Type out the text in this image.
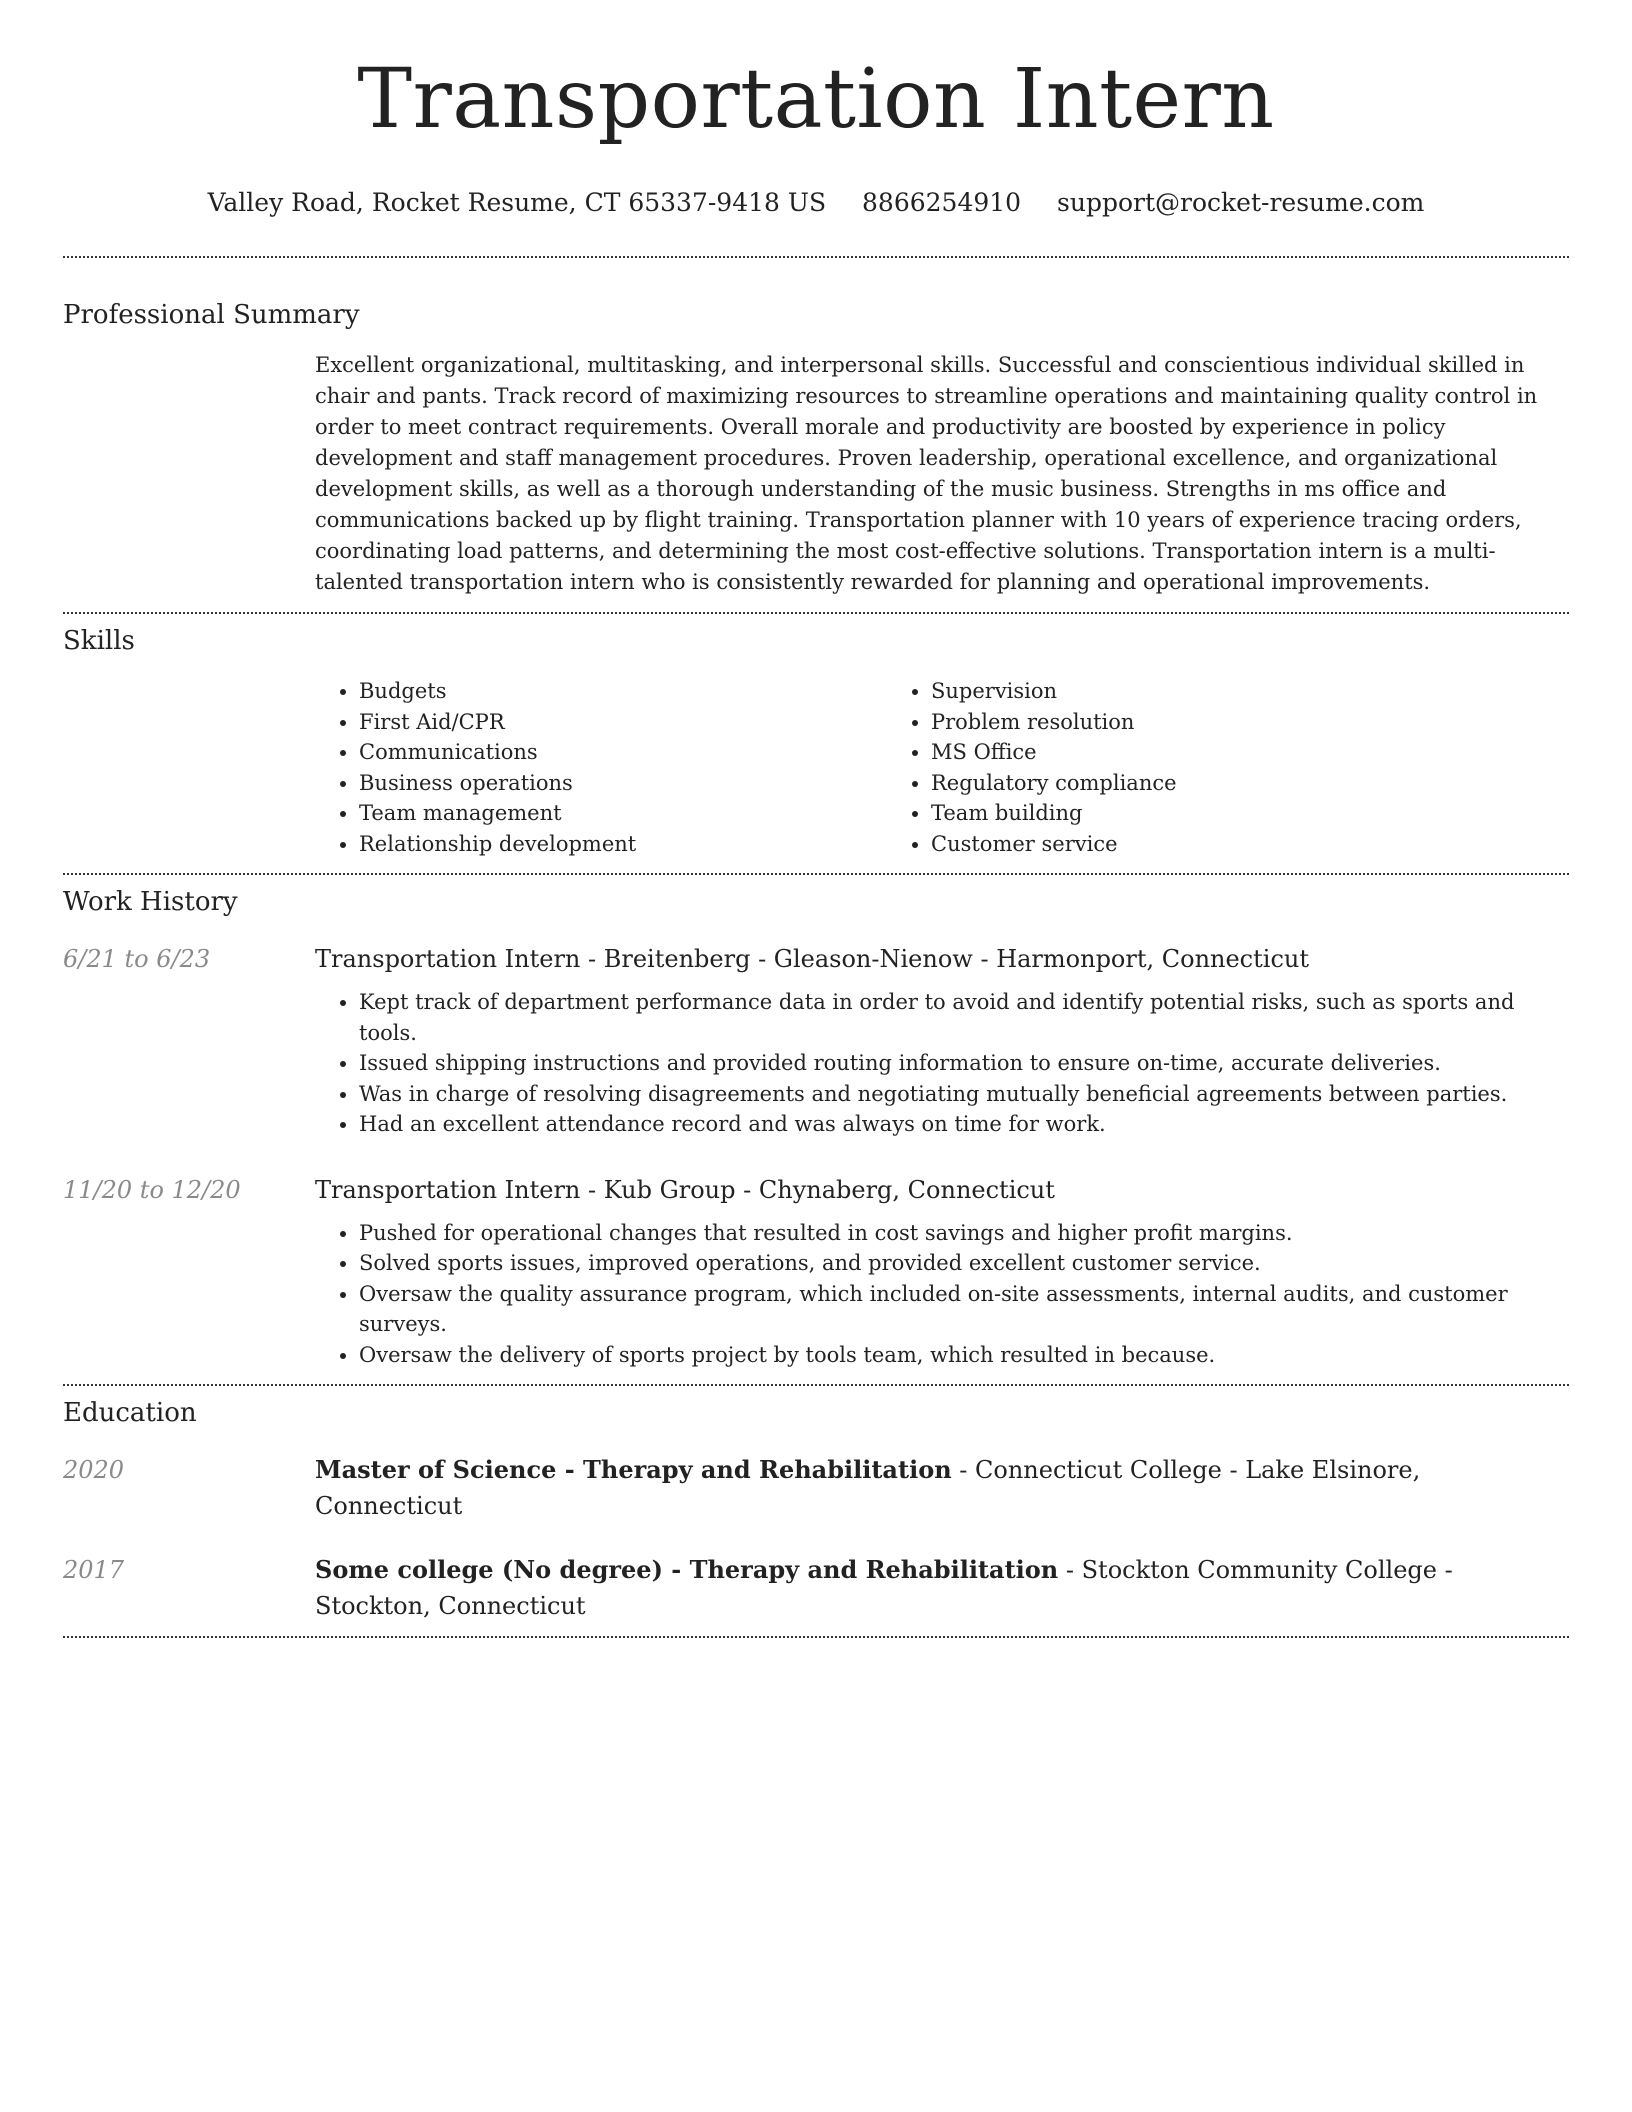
Transportation Intern
Valley Road, Rocket Resume, CT 65337-9418 US 8866254910 support@rocket-resume.com
Professional Summary

Excellent organizational, multitasking, and interpersonal skills. Successful and conscientious individual skilled in chair and pants. Track record of maximizing resources to streamline operations and maintaining quality control in order to meet contract requirements. Overall morale and productivity are boosted by experience in policy development and staff management procedures. Proven leadership, operational excellence, and organizational development skills, as well as a thorough understanding of the music business. Strengths in ms office and communications backed up by flight training. Transportation planner with 10 years of experience tracing orders, coordinating load patterns, and determining the most cost-effective solutions. Transportation intern is a multi-talented transportation intern who is consistently rewarded for planning and operational improvements.

Skills
• Budgets
• First Aid/CPR
• Communications
• Business operations
• Team management
• Relationship development
• Supervision
• Problem resolution
• MS Office
• Regulatory compliance
• Team building
• Customer service
Work History
6/21 to 6/23	Transportation Intern - Breitenberg - Gleason-Nienow - Harmonport, Connecticut
• Kept track of department performance data in order to avoid and identify potential risks, such as sports and tools.
• Issued shipping instructions and provided routing information to ensure on-time, accurate deliveries.
• Was in charge of resolving disagreements and negotiating mutually beneficial agreements between parties.
• Had an excellent attendance record and was always on time for work.
11/20 to 12/20	Transportation Intern - Kub Group - Chynaberg, Connecticut
• Pushed for operational changes that resulted in cost savings and higher profit margins.
• Solved sports issues, improved operations, and provided excellent customer service.
• Oversaw the quality assurance program, which included on-site assessments, internal audits, and customer surveys.
• Oversaw the delivery of sports project by tools team, which resulted in because.
Education
2020	Master of Science - Therapy and Rehabilitation - Connecticut College - Lake Elsinore, Connecticut
2017	Some college (No degree) - Therapy and Rehabilitation - Stockton Community College - Stockton, Connecticut
